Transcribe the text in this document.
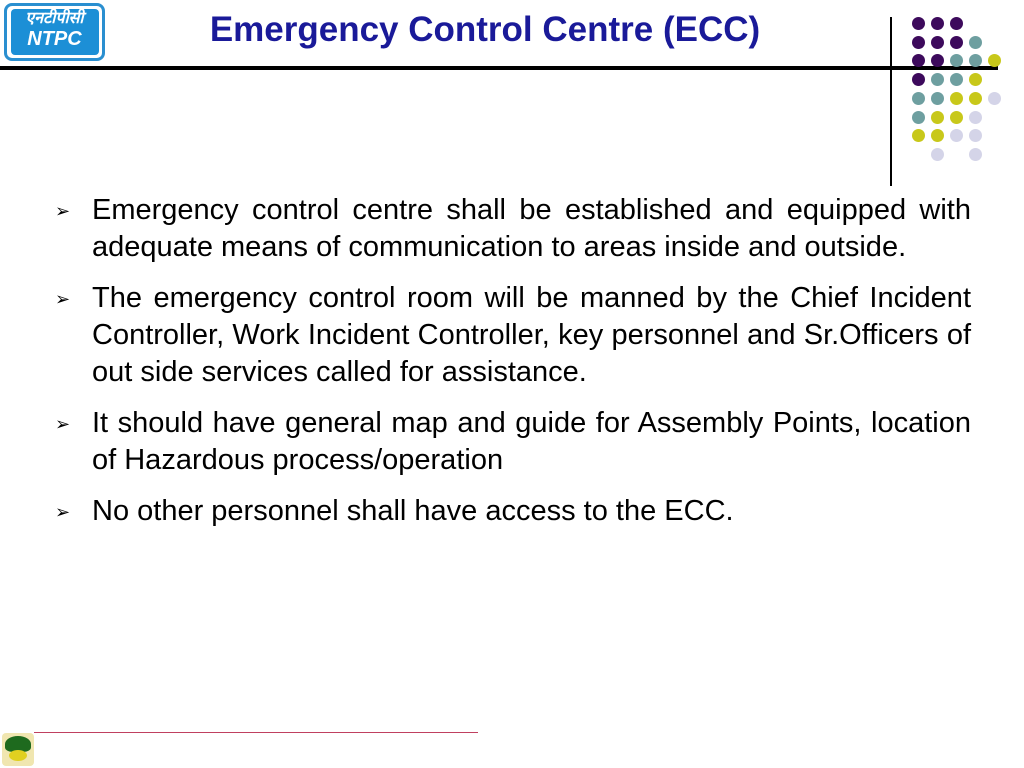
एनटीपीसी
NTPC	Emergency Control Centre (ECC)
➢ Emergency control centre shall be established and equipped with adequate means of communication to areas inside and outside.
➢ The emergency control room will be manned by the Chief Incident Controller, Work Incident Controller, key personnel and Sr.Officers of out side services called for assistance.
➢ It should have general map and guide for Assembly Points, location of Hazardous process/operation
➢ No other personnel shall have access to the ECC.
